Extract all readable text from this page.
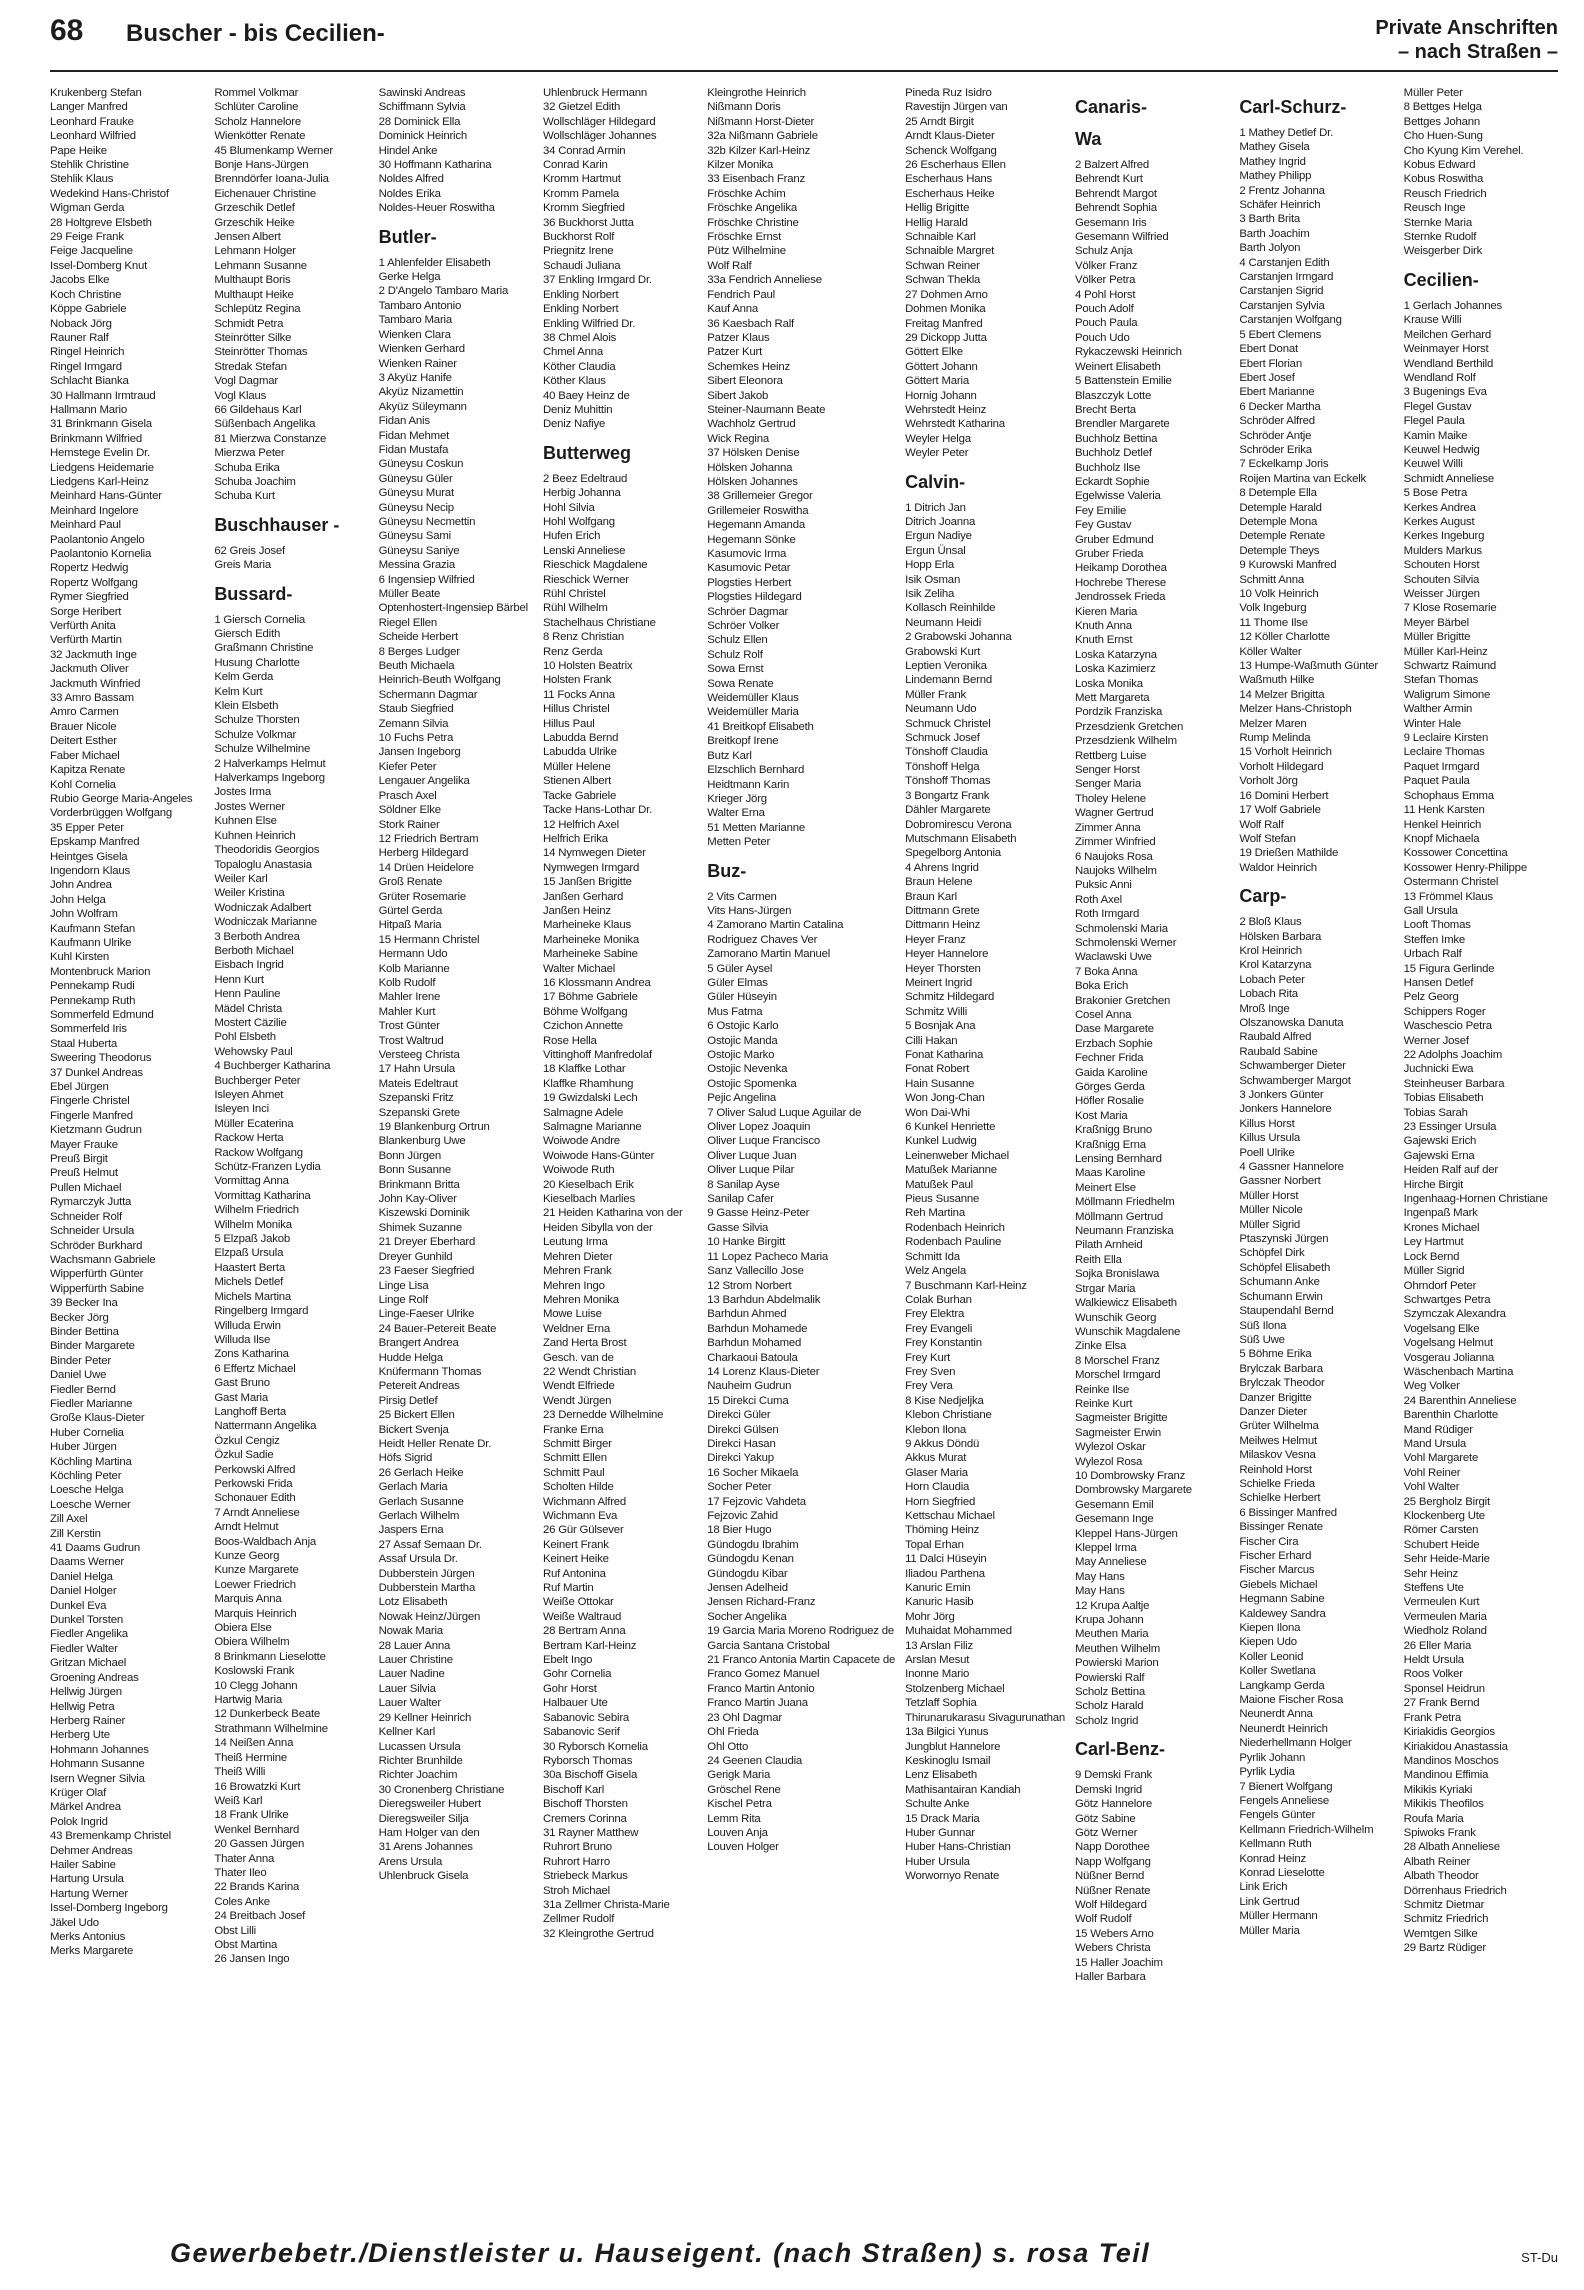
68 Buscher - bis Cecilien-	Private Anschriften
– nach Straßen –
Krukenberg Stefan
Langer Manfred
Leonhard Frauke
Leonhard Wilfried
Pape Heike
Stehlik Christine
Stehlik Klaus
Wedekind Hans-Christof
Wigman Gerda
28 Holtgreve Elsbeth
29 Feige Frank
Feige Jacqueline
Issel-Domberg Knut
Jacobs Elke
Koch Christine
Köppe Gabriele
Noback Jörg
Rauner Ralf
Ringel Heinrich
Ringel Irmgard
Schlacht Bianka
30 Hallmann Irmtraud
Hallmann Mario
31 Brinkmann Gisela
Brinkmann Wilfried
Hemstege Evelin Dr.
Liedgens Heidemarie
Liedgens Karl-Heinz
Meinhard Hans-Günter
Meinhard Ingelore
Meinhard Paul
Paolantonio Angelo
Paolantonio Kornelia
Ropertz Hedwig
Ropertz Wolfgang
Rymer Siegfried
Sorge Heribert
Verfürth Anita
Verfürth Martin
32 Jackmuth Inge
Jackmuth Oliver
Jackmuth Winfried
33 Amro Bassam
Amro Carmen
Brauer Nicole
Deitert Esther
Faber Michael
Kapitza Renate
Kohl Cornelia
Rubio George Maria-Angeles
Vorderbrüggen Wolfgang
35 Epper Peter
Epskamp Manfred
Heintges Gisela
Ingendorn Klaus
John Andrea
John Helga
John Wolfram
Kaufmann Stefan
Kaufmann Ulrike
Kuhl Kirsten
Montenbruck Marion
Pennekamp Rudi
Pennekamp Ruth
Sommerfeld Edmund
Sommerfeld Iris
Staal Huberta
Sweering Theodorus
37 Dunkel Andreas
Ebel Jürgen
Fingerle Christel
Fingerle Manfred
Kietzmann Gudrun
Mayer Frauke
Preuß Birgit
Preuß Helmut
Pullen Michael
Rymarczyk Jutta
Schneider Rolf
Schneider Ursula
Schröder Burkhard
Wachsmann Gabriele
Wipperfürth Günter
Wipperfürth Sabine
39 Becker Ina
Becker Jörg
Binder Bettina
Binder Margarete
Binder Peter
Daniel Uwe
Fiedler Bernd
Fiedler Marianne
Große Klaus-Dieter
Huber Cornelia
Huber Jürgen
Köchling Martina
Köchling Peter
Loesche Helga
Loesche Werner
Zill Axel
Zill Kerstin
41 Daams Gudrun
Daams Werner
Daniel Helga
Daniel Holger
Dunkel Eva
Dunkel Torsten
Fiedler Angelika
Fiedler Walter
Gritzan Michael
Groening Andreas
Hellwig Jürgen
Hellwig Petra
Herberg Rainer
Herberg Ute
Hohmann Johannes
Hohmann Susanne
Isern Wegner Silvia
Krüger Olaf
Märkel Andrea
Polok Ingrid
43 Bremenkamp Christel
Dehmer Andreas
Hailer Sabine
Hartung Ursula
Hartung Werner
Issel-Domberg Ingeborg
Jäkel Udo
Merks Antonius
Merks Margarete
Rommel Volkmar
Schlüter Caroline
Scholz Hannelore
Wienkötter Renate
45 Blumenkamp Werner
Bonje Hans-Jürgen
Brenndörfer Ioana-Julia
Eichenauer Christine
Grzeschik Detlef
Grzeschik Heike
Jensen Albert
Lehmann Holger
Lehmann Susanne
Multhaupt Boris
Multhaupt Heike
Schlepütz Regina
Schmidt Petra
Steinrötter Silke
Steinrötter Thomas
Stredak Stefan
Vogl Dagmar
Vogl Klaus
66 Gildehaus Karl
Süßenbach Angelika
81 Mierzwa Constanze
Mierzwa Peter
Schuba Erika
Schuba Joachim
Schuba Kurt
Buschhauser -
62 Greis Josef
Greis Maria
Bussard-
1 Giersch Cornelia
Giersch Edith
Graßmann Christine
Husung Charlotte
Kelm Gerda
Kelm Kurt
Klein Elsbeth
Schulze Thorsten
Schulze Volkmar
Schulze Wilhelmine
2 Halverkamps Helmut
Halverkamps Ingeborg
Jostes Irma
Jostes Werner
Kuhnen Else
Kuhnen Heinrich
Theodoridis Georgios
Topaloglu Anastasia
Weiler Karl
Weiler Kristina
Wodniczak Adalbert
Wodniczak Marianne
3 Berboth Andrea
Berboth Michael
Eisbach Ingrid
Henn Kurt
Henn Pauline
Mädel Christa
Mostert Cäzilie
Pohl Elsbeth
Wehowsky Paul
4 Buchberger Katharina
Buchberger Peter
Isleyen Ahmet
Isleyen Inci
Müller Ecaterina
Rackow Herta
Rackow Wolfgang
Schütz-Franzen Lydia
Vormittag Anna
Vormittag Katharina
Wilhelm Friedrich
Wilhelm Monika
5 Elzpaß Jakob
Elzpaß Ursula
Haastert Berta
Michels Detlef
Michels Martina
Ringelberg Irmgard
Willuda Erwin
Willuda Ilse
Zons Katharina
6 Effertz Michael
Gast Bruno
Gast Maria
Langhoff Berta
Nattermann Angelika
Özkul Cengiz
Özkul Sadie
Perkowski Alfred
Perkowski Frida
Schonauer Edith
7 Arndt Anneliese
Arndt Helmut
Boos-Waldbach Anja
Kunze Georg
Kunze Margarete
Loewer Friedrich
Marquis Anna
Marquis Heinrich
Obiera Else
Obiera Wilhelm
8 Brinkmann Lieselotte
Koslowski Frank
10 Clegg Johann
Hartwig Maria
12 Dunkerbeck Beate
Strathmann Wilhelmine
14 Neißen Anna
Theiß Hermine
Theiß Willi
16 Browatzki Kurt
Weiß Karl
18 Frank Ulrike
Wenkel Bernhard
20 Gassen Jürgen
Thater Anna
Thater Ileo
22 Brands Karina
Coles Anke
24 Breitbach Josef
Obst Lilli
Obst Martina
26 Jansen Ingo
Sawinski Andreas
Schiffmann Sylvia
28 Dominick Ella
Dominick Heinrich
Hindel Anke
30 Hoffmann Katharina
Noldes Alfred
Noldes Erika
Noldes-Heuer Roswitha
Butler-
1 Ahlenfelder Elisabeth
Gerke Helga
2 D'Angelo Tambaro Maria
Tambaro Antonio
Tambaro Maria
Wienken Clara
Wienken Gerhard
Wienken Rainer
3 Akyüz Hanife
Akyüz Nizamettin
Akyüz Süleymann
Fidan Anis
Fidan Mehmet
Fidan Mustafa
Güneysu Coskun
Güneysu Güler
Güneysu Murat
Güneysu Necip
Güneysu Necmettin
Güneysu Sami
Güneysu Saniye
Messina Grazia
6 Ingensiep Wilfried
Müller Beate
Optenhostert-Ingensiep Bärbel
Riegel Ellen
Scheide Herbert
8 Berges Ludger
Beuth Michaela
Heinrich-Beuth Wolfgang
Schermann Dagmar
Staub Siegfried
Zemann Silvia
10 Fuchs Petra
Jansen Ingeborg
Kiefer Peter
Lengauer Angelika
Prasch Axel
Söldner Elke
Stork Rainer
12 Friedrich Bertram
Herberg Hildegard
14 Drüen Heidelore
Groß Renate
Grüter Rosemarie
Gürtel Gerda
Hitpaß Maria
15 Hermann Christel
Hermann Udo
Kolb Marianne
Kolb Rudolf
Mahler Irene
Mahler Kurt
Trost Günter
Trost Waltrud
Versteeg Christa
17 Hahn Ursula
Mateis Edeltraut
Szepanski Fritz
Szepanski Grete
19 Blankenburg Ortrun
Blankenburg Uwe
Bonn Jürgen
Bonn Susanne
Brinkmann Britta
John Kay-Oliver
Kiszewski Dominik
Shimek Suzanne
21 Dreyer Eberhard
Dreyer Gunhild
23 Faeser Siegfried
Linge Lisa
Linge Rolf
Linge-Faeser Ulrike
24 Bauer-Petereit Beate
Brangert Andrea
Hudde Helga
Knüfermann Thomas
Petereit Andreas
Pirsig Detlef
25 Bickert Ellen
Bickert Svenja
Heidt Heller Renate Dr.
Höfs Sigrid
26 Gerlach Heike
Gerlach Maria
Gerlach Susanne
Gerlach Wilhelm
Jaspers Erna
27 Assaf Semaan Dr.
Assaf Ursula Dr.
Dubberstein Jürgen
Dubberstein Martha
Lotz Elisabeth
Nowak Heinz/Jürgen
Nowak Maria
28 Lauer Anna
Lauer Christine
Lauer Nadine
Lauer Silvia
Lauer Walter
29 Kellner Heinrich
Kellner Karl
Lucassen Ursula
Richter Brunhilde
Richter Joachim
30 Cronenberg Christiane
Dieregsweiler Hubert
Dieregsweiler Silja
Ham Holger van den
31 Arens Johannes
Arens Ursula
Uhlenbruck Gisela
Uhlenbruck Hermann
32 Gietzel Edith
Wollschläger Hildegard
Wollschläger Johannes
34 Conrad Armin
Conrad Karin
Kromm Hartmut
Kromm Pamela
Kromm Siegfried
36 Buckhorst Jutta
Buckhorst Rolf
Priegnitz Irene
Schaudi Juliana
37 Enkling Irmgard Dr.
Enkling Norbert
Enkling Norbert
Enkling Wilfried Dr.
38 Chmel Alois
Chmel Anna
Köther Claudia
Köther Klaus
40 Baey Heinz de
Deniz Muhittin
Deniz Nafiye
Butterweg
2 Beez Edeltraud
Herbig Johanna
Hohl Silvia
Hohl Wolfgang
Hufen Erich
Lenski Anneliese
Rieschick Magdalene
Rieschick Werner
Rühl Christel
Rühl Wilhelm
Stachelhaus Christiane
8 Renz Christian
Renz Gerda
10 Holsten Beatrix
Holsten Frank
11 Focks Anna
Hillus Christel
Hillus Paul
Labudda Bernd
Labudda Ulrike
Müller Helene
Stienen Albert
Tacke Gabriele
Tacke Hans-Lothar Dr.
12 Helfrich Axel
Helfrich Erika
14 Nymwegen Dieter
Nymwegen Irmgard
15 Janßen Brigitte
Janßen Gerhard
Janßen Heinz
Marheineke Klaus
Marheineke Monika
Marheineke Sabine
Walter Michael
16 Klossmann Andrea
17 Böhme Gabriele
Böhme Wolfgang
Czichon Annette
Rose Hella
Vittinghoff Manfredolaf
18 Klaffke Lothar
Klaffke Rhamhung
19 Gwizdalski Lech
Salmagne Adele
Salmagne Marianne
Woiwode Andre
Woiwode Hans-Günter
Woiwode Ruth
20 Kieselbach Erik
Kieselbach Marlies
21 Heiden Katharina von der
Heiden Sibylla von der
Leutung Irma
Mehren Dieter
Mehren Frank
Mehren Ingo
Mehren Monika
Mowe Luise
Weldner Erna
Zand Herta Brost
Gesch. van de
22 Wendt Christian
Wendt Elfriede
Wendt Jürgen
23 Dernedde Wilhelmine
Franke Erna
Schmitt Birger
Schmitt Ellen
Schmitt Paul
Scholten Hilde
Wichmann Alfred
Wichmann Eva
26 Gür Gülsever
Keinert Frank
Keinert Heike
Ruf Antonina
Ruf Martin
Weiße Ottokar
Weiße Waltraud
28 Bertram Anna
Bertram Karl-Heinz
Ebelt Ingo
Gohr Cornelia
Gohr Horst
Halbauer Ute
Sabanovic Sebira
Sabanovic Serif
30 Ryborsch Kornelia
Ryborsch Thomas
30a Bischoff Gisela
Bischoff Karl
Bischoff Thorsten
Cremers Corinna
31 Rayner Matthew
Ruhrort Bruno
Ruhrort Harro
Striebeck Markus
Stroh Michael
31a Zellmer Christa-Marie
Zellmer Rudolf
32 Kleingrothe Gertrud
Kleingrothe Heinrich
Nißmann Doris
Nißmann Horst-Dieter
32a Nißmann Gabriele
32b Kilzer Karl-Heinz
Kilzer Monika
33 Eisenbach Franz
Fröschke Achim
Fröschke Angelika
Fröschke Christine
Fröschke Ernst
Pütz Wilhelmine
Wolf Ralf
33a Fendrich Anneliese
Fendrich Paul
Kauf Anna
36 Kaesbach Ralf
Patzer Klaus
Patzer Kurt
Schemkes Heinz
Sibert Eleonora
Sibert Jakob
Steiner-Naumann Beate
Wachholz Gertrud
Wick Regina
37 Hölsken Denise
Hölsken Johanna
Hölsken Johannes
38 Grillemeier Gregor
Grillemeier Roswitha
Hegemann Amanda
Hegemann Sönke
Kasumovic Irma
Kasumovic Petar
Plogsties Herbert
Plogsties Hildegard
Schröer Dagmar
Schröer Volker
Schulz Ellen
Schulz Rolf
Sowa Ernst
Sowa Renate
Weidemüller Klaus
Weidemüller Maria
41 Breitkopf Elisabeth
Breitkopf Irene
Butz Karl
Elzschlich Bernhard
Heidtmann Karin
Krieger Jörg
Walter Erna
51 Metten Marianne
Metten Peter
Buz-
2 Vits Carmen
Vits Hans-Jürgen
4 Zamorano Martin Catalina
Rodriguez Chaves Ver
Zamorano Martin Manuel
5 Güler Aysel
Güler Elmas
Güler Hüseyin
Mus Fatma
6 Ostojic Karlo
Ostojic Manda
Ostojic Marko
Ostojic Nevenka
Ostojic Spomenka
Pejic Angelina
7 Oliver Salud Luque Aguilar de
Oliver Lopez Joaquin
Oliver Luque Francisco
Oliver Luque Juan
Oliver Luque Pilar
8 Sanilap Ayse
Sanilap Cafer
9 Gasse Heinz-Peter
Gasse Silvia
10 Hanke Birgitt
11 Lopez Pacheco Maria
Sanz Vallecillo Jose
12 Strom Norbert
13 Barhdun Abdelmalik
Barhdun Ahmed
Barhdun Mohamede
Barhdun Mohamed
Charkaoui Batoula
14 Lorenz Klaus-Dieter
Nauheim Gudrun
15 Direkci Cuma
Direkci Güler
Direkci Gülsen
Direkci Hasan
Direkci Yakup
16 Socher Mikaela
Socher Peter
17 Fejzovic Vahdeta
Fejzovic Zahid
18 Bier Hugo
Gündogdu Ibrahim
Gündogdu Kenan
Gündogdu Kibar
Jensen Adelheid
Jensen Richard-Franz
Socher Angelika
19 Garcia Maria Moreno Rodriguez de
Garcia Santana Cristobal
21 Franco Antonia Martin Capacete de
Franco Gomez Manuel
Franco Martin Antonio
Franco Martin Juana
23 Ohl Dagmar
Ohl Frieda
Ohl Otto
24 Geenen Claudia
Gerigk Maria
Gröschel Rene
Kischel Petra
Lemm Rita
Louven Anja
Louven Holger
Pineda Ruz Isidro
Ravestijn Jürgen van
25 Arndt Birgit
Arndt Klaus-Dieter
Schenck Wolfgang
26 Escherhaus Ellen
Escherhaus Hans
Escherhaus Heike
Hellig Brigitte
Hellig Harald
Schnaible Karl
Schnaible Margret
Schwan Reiner
Schwan Thekla
27 Dohmen Arno
Dohmen Monika
Freitag Manfred
29 Dickopp Jutta
Göttert Elke
Göttert Johann
Göttert Maria
Hornig Johann
Wehrstedt Heinz
Wehrstedt Katharina
Weyler Helga
Weyler Peter
Calvin-
1 Ditrich Jan
Ditrich Joanna
Ergun Nadiye
Ergun Ünsal
Hopp Erla
Isik Osman
Isik Zeliha
Kollasch Reinhilde
Neumann Heidi
2 Grabowski Johanna
Grabowski Kurt
Leptien Veronika
Lindemann Bernd
Müller Frank
Neumann Udo
Schmuck Christel
Schmuck Josef
Tönshoff Claudia
Tönshoff Helga
Tönshoff Thomas
3 Bongartz Frank
Dähler Margarete
Dobromirescu Verona
Mutschmann Elisabeth
Spegelborg Antonia
4 Ahrens Ingrid
Braun Helene
Braun Karl
Dittmann Grete
Dittmann Heinz
Heyer Franz
Heyer Hannelore
Heyer Thorsten
Meinert Ingrid
Schmitz Hildegard
Schmitz Willi
5 Bosnjak Ana
Cilli Hakan
Fonat Katharina
Fonat Robert
Hain Susanne
Won Jong-Chan
Won Dai-Whi
6 Kunkel Henriette
Kunkel Ludwig
Leinenweber Michael
Matußek Marianne
Matußek Paul
Pieus Susanne
Reh Martina
Rodenbach Heinrich
Rodenbach Pauline
Schmitt Ida
Welz Angela
7 Buschmann Karl-Heinz
Colak Burhan
Frey Elektra
Frey Evangeli
Frey Konstantin
Frey Kurt
Frey Sven
Frey Vera
8 Kise Nedjeljka
Klebon Christiane
Klebon Ilona
9 Akkus Döndü
Akkus Murat
Glaser Maria
Horn Claudia
Horn Siegfried
Kettschau Michael
Thöming Heinz
Topal Erhan
11 Dalci Hüseyin
Iliadou Parthena
Kanuric Emin
Kanuric Hasib
Mohr Jörg
Muhaidat Mohammed
13 Arslan Filiz
Arslan Mesut
Inonne Mario
Stolzenberg Michael
Tetzlaff Sophia
Thirunarukarasu Sivagurunathan
13a Bilgici Yunus
Jungblut Hannelore
Keskinoglu Ismail
Lenz Elisabeth
Mathisantairan Kandiah
Schulte Anke
15 Drack Maria
Huber Gunnar
Huber Hans-Christian
Huber Ursula
Worwornyo Renate
Canaris-
Wa
2 Balzert Alfred
Behrendt Kurt
Behrendt Margot
Behrendt Sophia
Gesemann Iris
Gesemann Wilfried
Schulz Anja
Völker Franz
Völker Petra
4 Pohl Horst
Pouch Adolf
Pouch Paula
Pouch Udo
Rykaczewski Heinrich
Weinert Elisabeth
5 Battenstein Emilie
Blaszczyk Lotte
Brecht Berta
Brendler Margarete
Buchholz Bettina
Buchholz Detlef
Buchholz Ilse
Eckardt Sophie
Egelwisse Valeria
Fey Emilie
Fey Gustav
Gruber Edmund
Gruber Frieda
Heikamp Dorothea
Hochrebe Therese
Jendrossek Frieda
Kieren Maria
Knuth Anna
Knuth Ernst
Loska Katarzyna
Loska Kazimierz
Loska Monika
Mett Margareta
Pordzik Franziska
Przesdzienk Gretchen
Przesdzienk Wilhelm
Rettberg Luise
Senger Horst
Senger Maria
Tholey Helene
Wagner Gertrud
Zimmer Anna
Zimmer Winfried
6 Naujoks Rosa
Naujoks Wilhelm
Puksic Anni
Roth Axel
Roth Irmgard
Schmolenski Maria
Schmolenski Werner
Waclawski Uwe
7 Boka Anna
Boka Erich
Brakonier Gretchen
Cosel Anna
Dase Margarete
Erzbach Sophie
Fechner Frida
Gaida Karoline
Görges Gerda
Höfler Rosalie
Kost Maria
Kraßnigg Bruno
Kraßnigg Erna
Lensing Bernhard
Maas Karoline
Meinert Else
Möllmann Friedhelm
Möllmann Gertrud
Neumann Franziska
Pilath Arnheid
Reith Ella
Sojka Bronislawa
Strgar Maria
Walkiewicz Elisabeth
Wunschik Georg
Wunschik Magdalene
Zinke Elsa
8 Morschel Franz
Morschel Irmgard
Reinke Ilse
Reinke Kurt
Sagmeister Brigitte
Sagmeister Erwin
Wylezol Oskar
Wylezol Rosa
10 Dombrowsky Franz
Dombrowsky Margarete
Gesemann Emil
Gesemann Inge
Kleppel Hans-Jürgen
Kleppel Irma
May Anneliese
May Hans
May Hans
12 Krupa Aaltje
Krupa Johann
Meuthen Maria
Meuthen Wilhelm
Powierski Marion
Powierski Ralf
Scholz Bettina
Scholz Harald
Scholz Ingrid
Carl-Benz-
9 Demski Frank
Demski Ingrid
Götz Hannelore
Götz Sabine
Götz Werner
Napp Dorothee
Napp Wolfgang
Nüßner Bernd
Nüßner Renate
Wolf Hildegard
Wolf Rudolf
15 Webers Arno
Webers Christa
15 Haller Joachim
Haller Barbara
Carl-Schurz-
1 Mathey Detlef Dr.
Mathey Gisela
Mathey Ingrid
Mathey Philipp
2 Frentz Johanna
Schäfer Heinrich
3 Barth Brita
Barth Joachim
Barth Jolyon
4 Carstanjen Edith
Carstanjen Irmgard
Carstanjen Sigrid
Carstanjen Sylvia
Carstanjen Wolfgang
5 Ebert Clemens
Ebert Donat
Ebert Florian
Ebert Josef
Ebert Marianne
6 Decker Martha
Schröder Alfred
Schröder Antje
Schröder Erika
7 Eckelkamp Joris
Roijen Martina van Eckelk
8 Detemple Ella
Detemple Harald
Detemple Mona
Detemple Renate
Detemple Theys
9 Kurowski Manfred
Schmitt Anna
10 Volk Heinrich
Volk Ingeburg
11 Thome Ilse
12 Köller Charlotte
Köller Walter
13 Humpe-Waßmuth Günter
Waßmuth Hilke
14 Melzer Brigitta
Melzer Hans-Christoph
Melzer Maren
Rump Melinda
15 Vorholt Heinrich
Vorholt Hildegard
Vorholt Jörg
16 Domini Herbert
17 Wolf Gabriele
Wolf Ralf
Wolf Stefan
19 Drießen Mathilde
Waldor Heinrich
Carp-
2 Bloß Klaus
Hölsken Barbara
Krol Heinrich
Krol Katarzyna
Lobach Peter
Lobach Rita
Mroß Inge
Olszanowska Danuta
Raubald Alfred
Raubald Sabine
Schwamberger Dieter
Schwamberger Margot
3 Jonkers Günter
Jonkers Hannelore
Killus Horst
Killus Ursula
Poell Ulrike
4 Gassner Hannelore
Gassner Norbert
Müller Horst
Müller Nicole
Müller Sigrid
Ptaszynski Jürgen
Schöpfel Dirk
Schöpfel Elisabeth
Schumann Anke
Schumann Erwin
Staupendahl Bernd
Süß Ilona
Süß Uwe
5 Böhme Erika
Brylczak Barbara
Brylczak Theodor
Danzer Brigitte
Danzer Dieter
Grüter Wilhelma
Meilwes Helmut
Milaskov Vesna
Reinhold Horst
Schielke Frieda
Schielke Herbert
6 Bissinger Manfred
Bissinger Renate
Fischer Cira
Fischer Erhard
Fischer Marcus
Giebels Michael
Hegmann Sabine
Kaldewey Sandra
Kiepen Ilona
Kiepen Udo
Koller Leonid
Koller Swetlana
Langkamp Gerda
Maione Fischer Rosa
Neunerdt Anna
Neunerdt Heinrich
Niederhellmann Holger
Pyrlik Johann
Pyrlik Lydia
7 Bienert Wolfgang
Fengels Anneliese
Fengels Günter
Kellmann Friedrich-Wilhelm
Kellmann Ruth
Konrad Heinz
Konrad Lieselotte
Link Erich
Link Gertrud
Müller Hermann
Müller Maria
Müller Peter
8 Bettges Helga
Bettges Johann
Cho Huen-Sung
Cho Kyung Kim Verehel.
Kobus Edward
Kobus Roswitha
Reusch Friedrich
Reusch Inge
Sternke Maria
Sternke Rudolf
Weisgerber Dirk
Cecilien-
1 Gerlach Johannes
Krause Willi
Meilchen Gerhard
Weinmayer Horst
Wendland Berthild
Wendland Rolf
3 Bugenings Eva
Flegel Gustav
Flegel Paula
Kamin Maike
Keuwel Hedwig
Keuwel Willi
Schmidt Anneliese
5 Bose Petra
Kerkes Andrea
Kerkes August
Kerkes Ingeburg
Mulders Markus
Schouten Horst
Schouten Silvia
Weisser Jürgen
7 Klose Rosemarie
Meyer Bärbel
Müller Brigitte
Müller Karl-Heinz
Schwartz Raimund
Stefan Thomas
Waligrum Simone
Walther Armin
Winter Hale
9 Leclaire Kirsten
Leclaire Thomas
Paquet Irmgard
Paquet Paula
Schophaus Emma
11 Henk Karsten
Henkel Heinrich
Knopf Michaela
Kossower Concettina
Kossower Henry-Philippe
Ostermann Christel
13 Frömmel Klaus
Gall Ursula
Looft Thomas
Steffen Imke
Urbach Ralf
15 Figura Gerlinde
Hansen Detlef
Pelz Georg
Schippers Roger
Waschescio Petra
Werner Josef
22 Adolphs Joachim
Juchnicki Ewa
Steinheuser Barbara
Tobias Elisabeth
Tobias Sarah
23 Essinger Ursula
Gajewski Erich
Gajewski Erna
Heiden Ralf auf der
Hirche Birgit
Ingenhaag-Hornen Christiane
Ingenpaß Mark
Krones Michael
Ley Hartmut
Lock Bernd
Müller Sigrid
Ohrndorf Peter
Schwartges Petra
Szymczak Alexandra
Vogelsang Elke
Vogelsang Helmut
Vosgerau Jolianna
Wäschenbach Martina
Weg Volker
24 Barenthin Anneliese
Barenthin Charlotte
Mand Rüdiger
Mand Ursula
Vohl Margarete
Vohl Reiner
Vohl Walter
25 Bergholz Birgit
Klockenberg Ute
Römer Carsten
Schubert Heide
Sehr Heide-Marie
Sehr Heinz
Steffens Ute
Vermeulen Kurt
Vermeulen Maria
Wiedholz Roland
26 Eller Maria
Heldt Ursula
Roos Volker
Sponsel Heidrun
27 Frank Bernd
Frank Petra
Kiriakidis Georgios
Kiriakidou Anastassia
Mandinos Moschos
Mandinou Effimia
Mikikis Kyriaki
Mikikis Theofilos
Roufa Maria
Spiwoks Frank
28 Albath Anneliese
Albath Reiner
Albath Theodor
Dörrenhaus Friedrich
Schmitz Dietmar
Schmitz Friedrich
Wemtgen Silke
29 Bartz Rüdiger
Gewerbebetr./Dienstleister u. Hauseigent. (nach Straßen) s. rosa Teil	ST-Du
